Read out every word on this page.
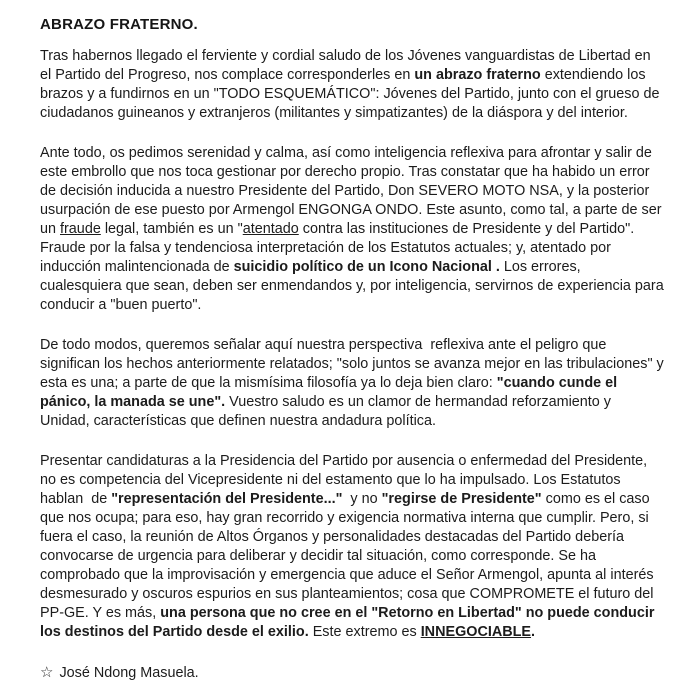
ABRAZO FRATERNO.

Tras habernos llegado el ferviente y cordial saludo de los Jóvenes vanguardistas de Libertad en el Partido del Progreso, nos complace corresponderles en un abrazo fraterno extendiendo los brazos y a fundirnos en un "TODO ESQUEMÁTICO": Jóvenes del Partido, junto con el grueso de ciudadanos guineanos y extranjeros (militantes y simpatizantes) de la diáspora y del interior.

Ante todo, os pedimos serenidad y calma, así como inteligencia reflexiva para afrontar y salir de este embrollo que nos toca gestionar por derecho propio. Tras constatar que ha habido un error de decisión inducida a nuestro Presidente del Partido, Don SEVERO MOTO NSA, y la posterior usurpación de ese puesto por Armengol ENGONGA ONDO. Este asunto, como tal, a parte de ser un fraude legal, también es un "atentado contra las instituciones de Presidente y del Partido". Fraude por la falsa y tendenciosa interpretación de los Estatutos actuales; y, atentado por inducción malintencionada de suicidio político de un Icono Nacional . Los errores, cualesquiera que sean, deben ser enmendandos y, por inteligencia, servirnos de experiencia para conducir a "buen puerto".

De todo modos, queremos señalar aquí nuestra perspectiva  reflexiva ante el peligro que significan los hechos anteriormente relatados; "solo juntos se avanza mejor en las tribulaciones" y esta es una; a parte de que la mismísima filosofía ya lo deja bien claro: "cuando cunde el pánico, la manada se une". Vuestro saludo es un clamor de hermandad reforzamiento y Unidad, características que definen nuestra andadura política.

Presentar candidaturas a la Presidencia del Partido por ausencia o enfermedad del Presidente, no es competencia del Vicepresidente ni del estamento que lo ha impulsado. Los Estatutos hablan  de "representación del Presidente..."  y no "regirse de Presidente" como es el caso que nos ocupa; para eso, hay gran recorrido y exigencia normativa interna que cumplir. Pero, si fuera el caso, la reunión de Altos Órganos y personalidades destacadas del Partido debería convocarse de urgencia para deliberar y decidir tal situación, como corresponde. Se ha comprobado que la improvisación y emergencia que aduce el Señor Armengol, apunta al interés desmesurado y oscuros espurios en sus planteamientos; cosa que COMPROMETE el futuro del PP-GE. Y es más, una persona que no cree en el "Retorno en Libertad" no puede conducir los destinos del Partido desde el exilio. Este extremo es INNEGOCIABLE.

☆ José Ndong Masuela.
